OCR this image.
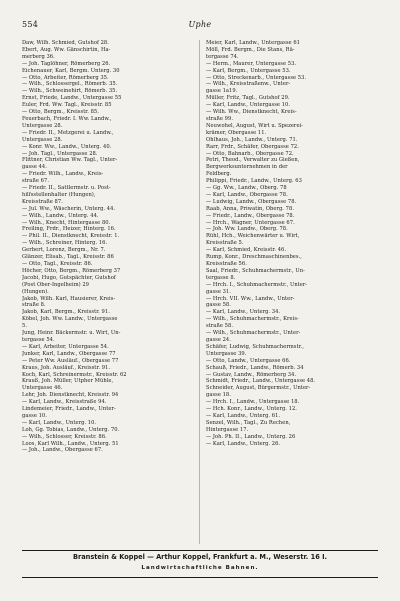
554	Uphe
Daw, Wilh. Schmied, Gutshof 28.
Ebert, Aug. Ww. Gänschirtin, Ha-
merberg 36.
— Joh. Taglöhner, Römerberg 26.
Eichenauer, Karl, Bergm. Unterg. 30
— Otto, Arbeiter, Römerberg 35.
— Wilh., Schlossergel., Römerb. 35.
— Wilh., Schweinehirt, Römerb. 35.
Ernst, Friede, Landw., Untergasse 55
Euler, Frd. Ww. Tagl., Kreisstr. 85
— Otto, Bergm., Kreisstr. 85.
Feuerbach, Friedr. I. Ww. Landw.,
Untergasse 28.
— Friedr. II., Metzgerei u. Landw.,
Untergasse 28.
— Konr. Ww., Landw., Unterg. 40.
— Joh. Tagl., Untergasse 28.
Flittner, Christian Ww. Tagl., Unter-
gasse 44.
— Friedr. Wilh., Landw., Kreis-
straße 67.
— Friedr. II., Sattlermstr. u. Post-
hilfsstellenhalter (Hungen),
Kreisstraße 87.
— Jul. Ww., Wäscherin, Unterg. 44.
— Wilh., Landw., Unterg. 44.
— Wilh., Knecht, Hintergasse 80.
Freiling, Frdr., Heizer, Hinterg. 16.
— Phil. II., Dienstknecht, Kreisstr. 1.
— Wilh., Schreiner, Hinterg. 16.
Gerbert, Lorenz, Bergm., Nr. 7.
Glänzer, Elisab., Tagl., Kreisstr. 86
— Otto, Tagl., Kreisstr. 86.
Höcher, Otto, Bergm., Römerberg 37
Jacobi, Hugo, Gutspächter, Gutshof
(Post Ober-Ingelheim) 29
(Hungen).
Jakob, Wilh. Karl, Hausierer, Kreis-
straße 8.
Jakob, Karl, Bergm., Kreisstr. 91.
Köbel, Joh. Ww. Landw., Untergasse
5.
Jung, Heinr. Bäckermstr. u. Wirt, Un-
tergasse 54.
— Karl, Arbeiter, Untergasse 54.
Junker, Karl, Landw., Obergasse 77
— Peter Ww. Ausläuf., Obergasse 77
Kraus, Joh. Ausläuf., Kreisstr. 91.
Koch, Karl, Schreinermstr., Kreisstr. 62
Krauß, Joh. Müller, Utpher Mühle,
Untergasse 46.
Lehr, Joh. Dienstknecht, Kreisstr. 94
— Karl, Landw., Kreisstraße 94.
Lindemeier, Friedr., Landw., Unter-
gasse 10.
— Karl, Landw., Unterg. 10.
Loh, Gg. Tobias, Landw., Unterg. 70.
— Wilh., Schlosser, Kreisstr. 86.
Loos, Karl Wilh., Landw., Unterg. 51
— Joh., Landw., Obergasse 67.
Meier, Karl, Landw., Untergasse 61
Möll, Frd. Bergm., Die Stans, Rä-
tergasse 74.
— Herm., Maurer, Untergasse 53.
— Karl, Bergm., Untergasse 53.
— Otto, Streckenarb., Untergasse 53.
— Wilh., Kreisstraßenw., Unter-
gasse 1a19.
Müller, Fritz, Tagl., Gutshof 29.
— Karl, Landw., Untergasse 10.
— Wilh. Ww., Dienstknecht, Kreis-
straße 99.
Neuwohel, August, Wirt u. Spezerei-
krämer, Obergasse 11.
Ohlhaus, Joh., Landw., Unterg. 71.
Rarr, Frdr., Schäfer, Obergasse 72.
— Otto, Bahnarb., Obergasse 72.
Petri, Theod., Verwalter zu Gießen,
Bergwerksunternehmen in der
Feldberg.
Philippi, Friedr., Landw., Unterg. 63
— Gg. Ww., Landw., Oberg. 78
— Karl, Landw., Obergasse 78.
— Ludwig, Landw., Obergasse 78.
Raab, Anna, Priwatin, Oberg. 78.
— Friedr., Landw., Obergasse 78.
— Hrch., Wagner, Untergasse 67.
— Joh. Ww. Landw., Oberg. 78.
Rühl, Hch., Weichenwärter u. Wirt,
Kreisstraße 5.
— Karl, Schmied, Kreisstr. 46.
Rump, Konr., Dreschmaschinenbes.,
Kreisstraße 56.
Saal, Friedr., Schuhmachermstr., Un-
tergasse 8.
— Hrch. I., Schuhmachermstr., Unter-
gasse 31.
— Hrch. VII. Ww., Landw., Unter-
gasse 58.
— Karl, Landw., Unterg. 34.
— Wilh., Schuhmachermstr., Kreis-
straße 58.
— Wilh., Schuhmachermstr., Unter-
gasse 24.
Schäfer, Ludwig, Schuhmachermstr.,
Untergasse 39.
— Otto, Landw., Untergasse 66.
Schauß, Friedr., Landw., Römerb. 34
— Gustav, Landw., Römerberg 34.
Schmidt, Friedr., Landw., Untergasse 48.
Schneider, August, Bürgermstr., Unter-
gasse 18.
— Hrch. I., Landw., Untergasse 18.
— Hch. Konr., Landw., Unterg. 12.
— Karl, Landw., Unterg. 61.
Senzel, Wilh., Tagl., Zu Rechen,
Hintergasse 17.
— Joh. Ph. II., Landw., Unterg. 26
— Karl, Landw., Unterg. 26.
Branstein & Koppel — Arthur Koppel, Frankfurt a. M., Weserstr. 16 I.
Landwirtschaftliche Bahnen.
